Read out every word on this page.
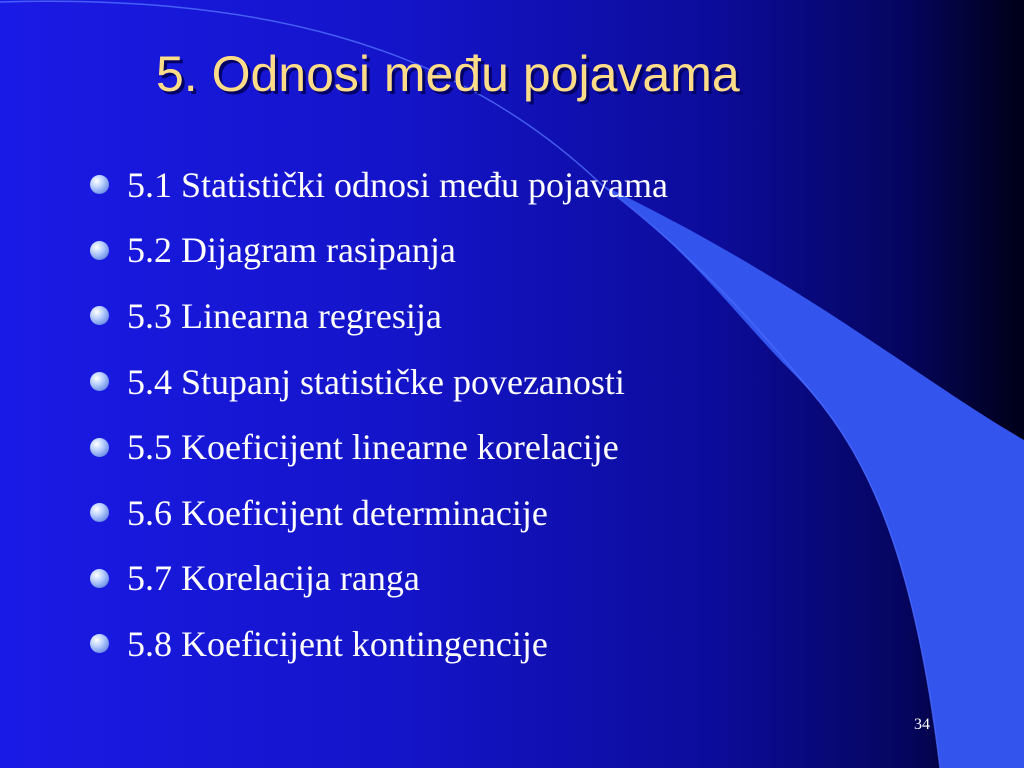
5. Odnosi među pojavama
5.1 Statistički odnosi među pojavama
5.2 Dijagram rasipanja
5.3 Linearna regresija
5.4 Stupanj statističke povezanosti
5.5 Koeficijent linearne korelacije
5.6 Koeficijent determinacije
5.7 Korelacija ranga
5.8 Koeficijent kontingencije
34
